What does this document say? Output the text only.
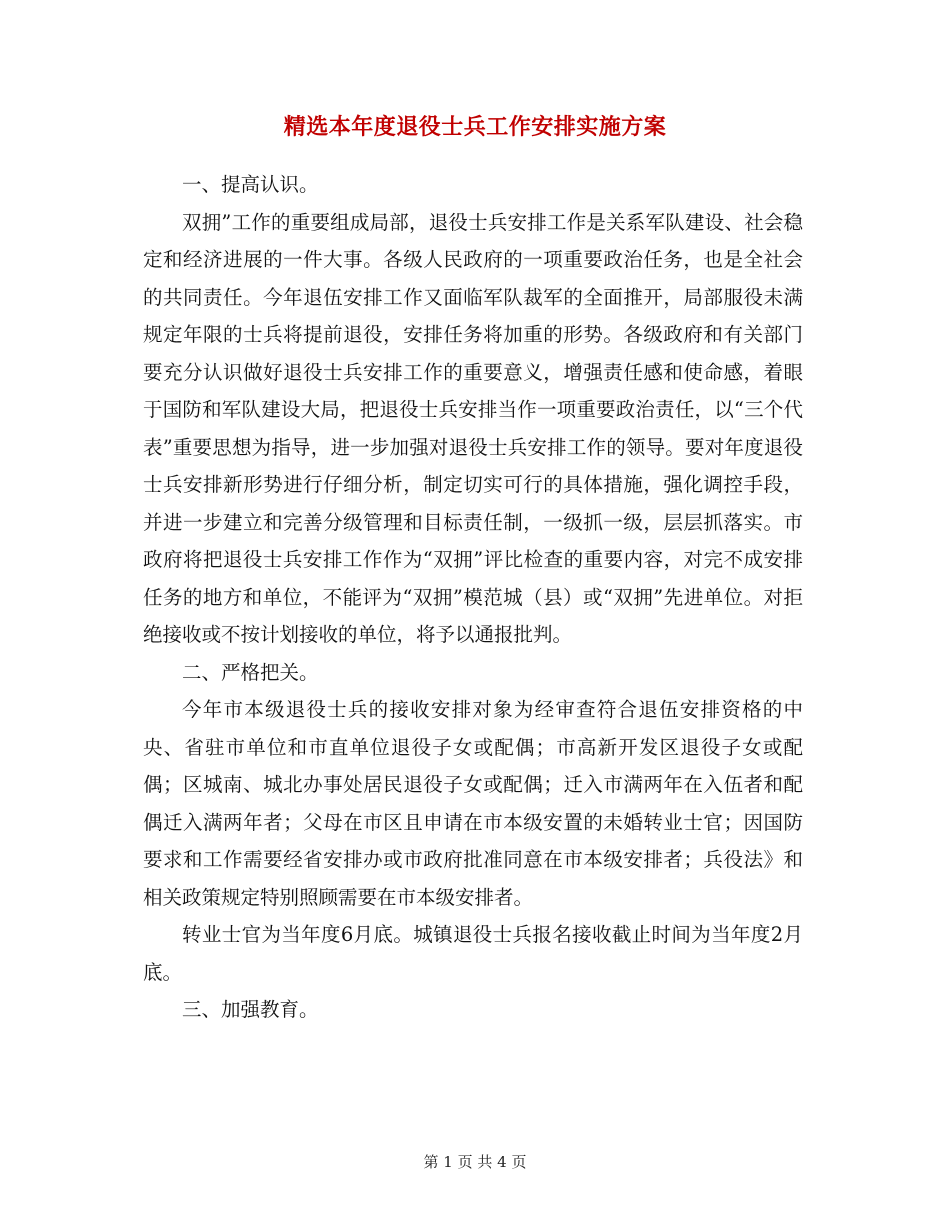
精选本年度退役士兵工作安排实施方案

一、提高认识。

双拥”工作的重要组成局部，退役士兵安排工作是关系军队建设、社会稳定和经济进展的一件大事。各级人民政府的一项重要政治任务，也是全社会的共同责任。今年退伍安排工作又面临军队裁军的全面推开，局部服役未满规定年限的士兵将提前退役，安排任务将加重的形势。各级政府和有关部门要充分认识做好退役士兵安排工作的重要意义，增强责任感和使命感，着眼于国防和军队建设大局，把退役士兵安排当作一项重要政治责任，以“三个代表”重要思想为指导，进一步加强对退役士兵安排工作的领导。要对年度退役士兵安排新形势进行仔细分析，制定切实可行的具体措施，强化调控手段，并进一步建立和完善分级管理和目标责任制，一级抓一级，层层抓落实。市政府将把退役士兵安排工作作为“双拥”评比检查的重要内容，对完不成安排任务的地方和单位，不能评为“双拥”模范城（县）或“双拥”先进单位。对拒绝接收或不按计划接收的单位，将予以通报批判。

二、严格把关。

今年市本级退役士兵的接收安排对象为经审查符合退伍安排资格的中央、省驻市单位和市直单位退役子女或配偶；市高新开发区退役子女或配偶；区城南、城北办事处居民退役子女或配偶；迁入市满两年在入伍者和配偶迁入满两年者；父母在市区且申请在市本级安置的未婚转业士官；因国防要求和工作需要经省安排办或市政府批准同意在市本级安排者；兵役法》和相关政策规定特别照顾需要在市本级安排者。

转业士官为当年度6月底。城镇退役士兵报名接收截止时间为当年度2月底。

三、加强教育。

第 1 页 共 4 页
